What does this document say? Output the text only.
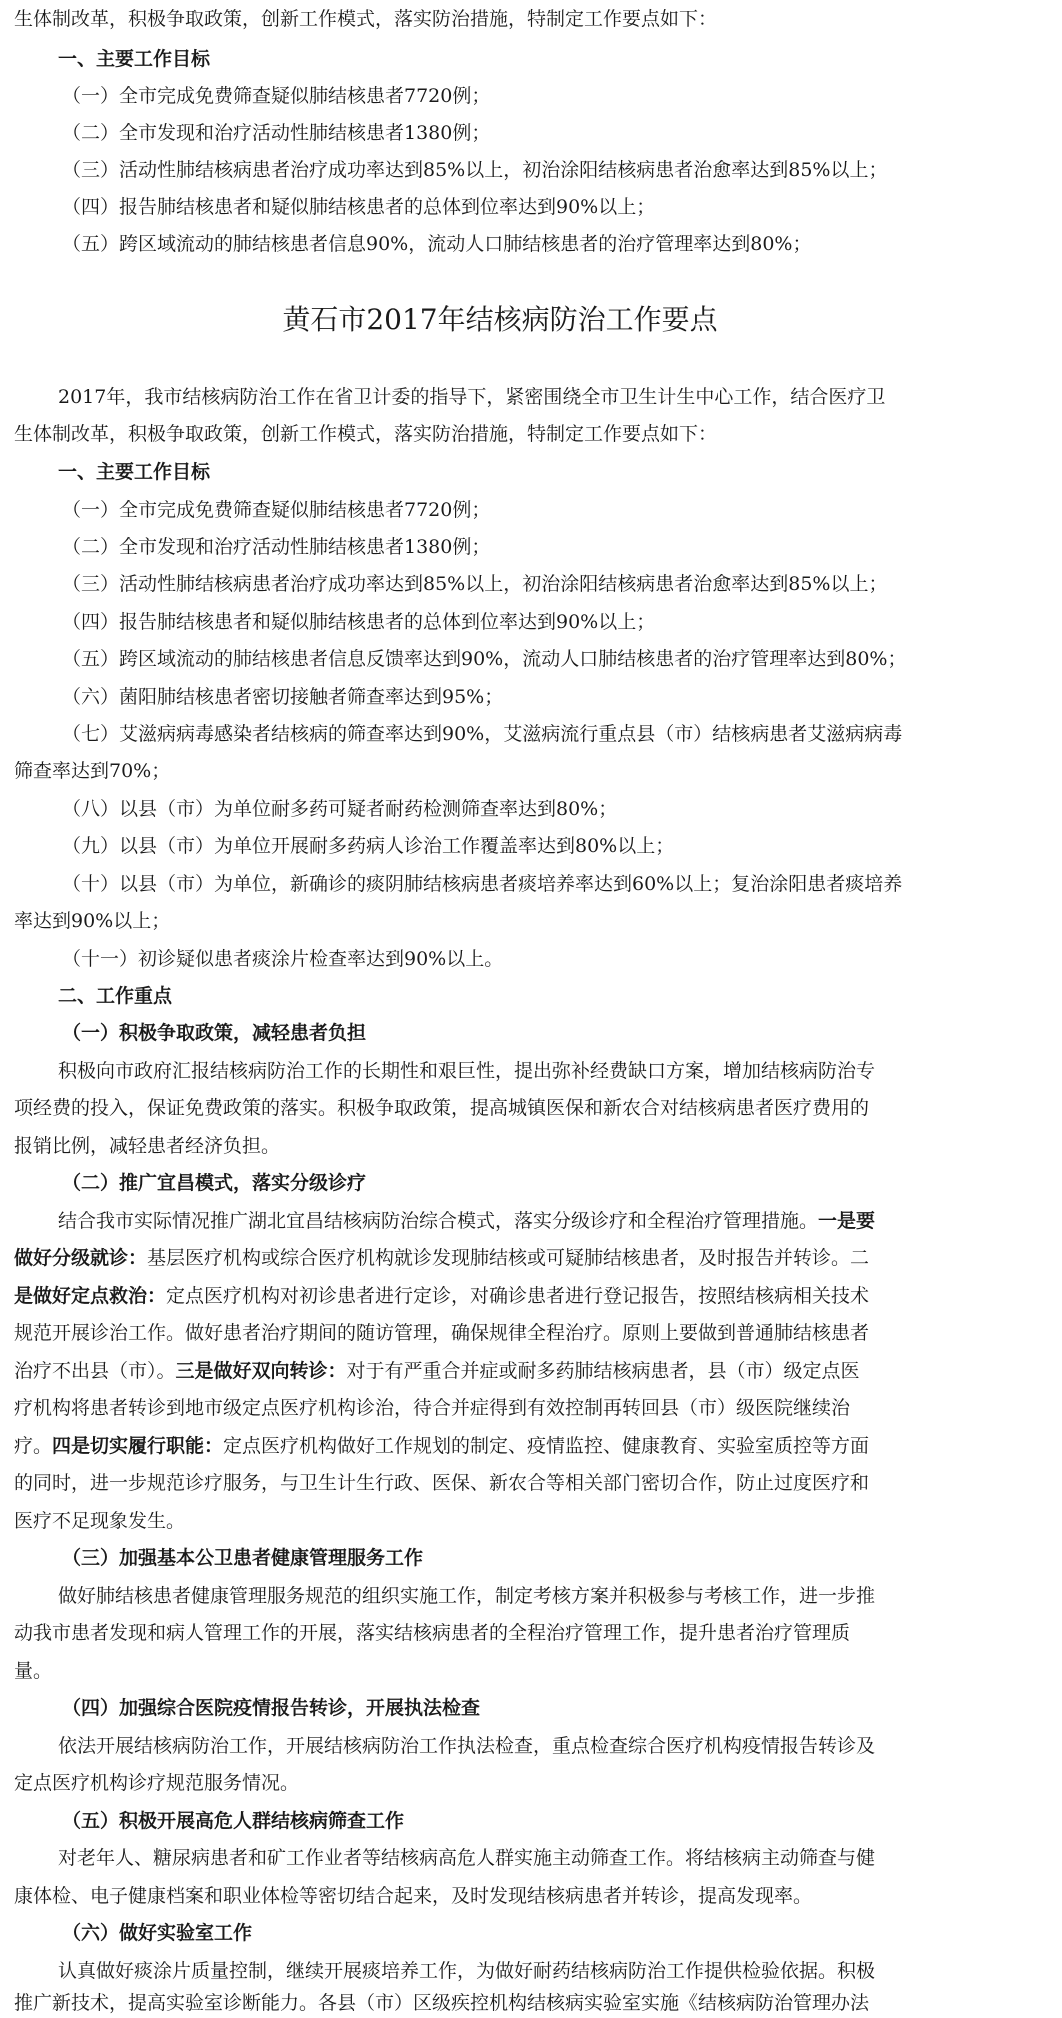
生体制改革，积极争取政策，创新工作模式，落实防治措施，特制定工作要点如下：
一、主要工作目标
（一）全市完成免费筛查疑似肺结核患者7720例；
（二）全市发现和治疗活动性肺结核患者1380例；
（三）活动性肺结核病患者治疗成功率达到85%以上，初治涂阳结核病患者治愈率达到85%以上；
（四）报告肺结核患者和疑似肺结核患者的总体到位率达到90%以上；
（五）跨区域流动的肺结核患者信息90%，流动人口肺结核患者的治疗管理率达到80%；
黄石市2017年结核病防治工作要点
2017年，我市结核病防治工作在省卫计委的指导下，紧密围绕全市卫生计生中心工作，结合医疗卫
生体制改革，积极争取政策，创新工作模式，落实防治措施，特制定工作要点如下：
一、主要工作目标
（一）全市完成免费筛查疑似肺结核患者7720例；
（二）全市发现和治疗活动性肺结核患者1380例；
（三）活动性肺结核病患者治疗成功率达到85%以上，初治涂阳结核病患者治愈率达到85%以上；
（四）报告肺结核患者和疑似肺结核患者的总体到位率达到90%以上；
（五）跨区域流动的肺结核患者信息反馈率达到90%，流动人口肺结核患者的治疗管理率达到80%；
（六）菌阳肺结核患者密切接触者筛查率达到95%；
（七）艾滋病病毒感染者结核病的筛查率达到90%，艾滋病流行重点县（市）结核病患者艾滋病病毒
筛查率达到70%；
（八）以县（市）为单位耐多药可疑者耐药检测筛查率达到80%；
（九）以县（市）为单位开展耐多药病人诊治工作覆盖率达到80%以上；
（十）以县（市）为单位，新确诊的痰阴肺结核病患者痰培养率达到60%以上；复治涂阳患者痰培养
率达到90%以上；
（十一）初诊疑似患者痰涂片检查率达到90%以上。
二、工作重点
（一）积极争取政策，减轻患者负担
积极向市政府汇报结核病防治工作的长期性和艰巨性，提出弥补经费缺口方案，增加结核病防治专
项经费的投入，保证免费政策的落实。积极争取政策，提高城镇医保和新农合对结核病患者医疗费用的
报销比例，减轻患者经济负担。
（二）推广宜昌模式，落实分级诊疗
结合我市实际情况推广湖北宜昌结核病防治综合模式，落实分级诊疗和全程治疗管理措施。一是要
做好分级就诊：基层医疗机构或综合医疗机构就诊发现肺结核或可疑肺结核患者，及时报告并转诊。二
是做好定点救治：定点医疗机构对初诊患者进行定诊，对确诊患者进行登记报告，按照结核病相关技术
规范开展诊治工作。做好患者治疗期间的随访管理，确保规律全程治疗。原则上要做到普通肺结核患者
治疗不出县（市）。三是做好双向转诊：对于有严重合并症或耐多药肺结核病患者，县（市）级定点医
疗机构将患者转诊到地市级定点医疗机构诊治，待合并症得到有效控制再转回县（市）级医院继续治
疗。四是切实履行职能：定点医疗机构做好工作规划的制定、疫情监控、健康教育、实验室质控等方面
的同时，进一步规范诊疗服务，与卫生计生行政、医保、新农合等相关部门密切合作，防止过度医疗和
医疗不足现象发生。
（三）加强基本公卫患者健康管理服务工作
做好肺结核患者健康管理服务规范的组织实施工作，制定考核方案并积极参与考核工作，进一步推
动我市患者发现和病人管理工作的开展，落实结核病患者的全程治疗管理工作，提升患者治疗管理质
量。
（四）加强综合医院疫情报告转诊，开展执法检查
依法开展结核病防治工作，开展结核病防治工作执法检查，重点检查综合医疗机构疫情报告转诊及
定点医疗机构诊疗规范服务情况。
（五）积极开展高危人群结核病筛查工作
对老年人、糖尿病患者和矿工作业者等结核病高危人群实施主动筛查工作。将结核病主动筛查与健
康体检、电子健康档案和职业体检等密切结合起来，及时发现结核病患者并转诊，提高发现率。
（六）做好实验室工作
认真做好痰涂片质量控制，继续开展痰培养工作，为做好耐药结核病防治工作提供检验依据。积极
推广新技术，提高实验室诊断能力。各县（市）区级疾控机构结核病实验室实施《结核病防治管理办法
